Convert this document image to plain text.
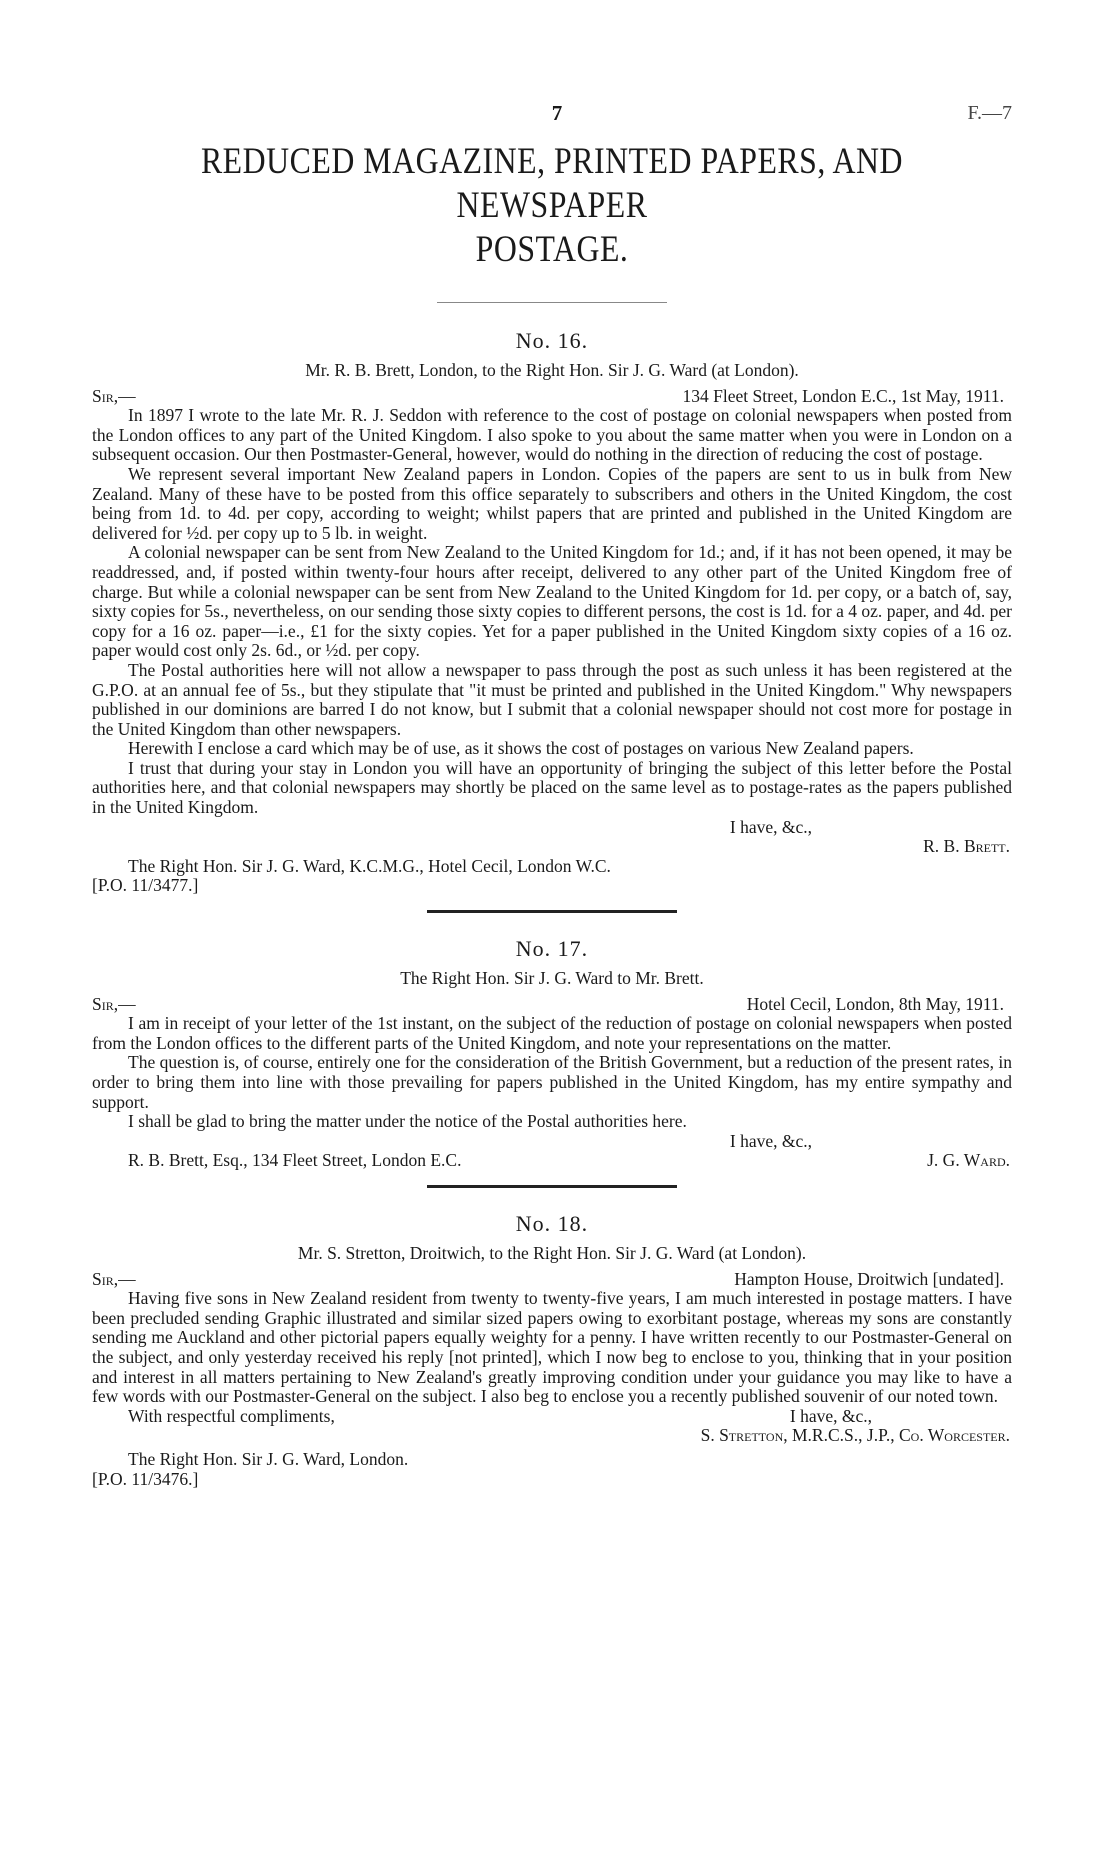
7	F.—7
REDUCED MAGAZINE, PRINTED PAPERS, AND NEWSPAPER
POSTAGE.
No. 16.
Mr. R. B. Brett, London, to the Right Hon. Sir J. G. Ward (at London).
Sir,—	134 Fleet Street, London E.C., 1st May, 1911.

In 1897 I wrote to the late Mr. R. J. Seddon with reference to the cost of postage on colonial newspapers when posted from the London offices to any part of the United Kingdom. I also spoke to you about the same matter when you were in London on a subsequent occasion. Our then Postmaster-General, however, would do nothing in the direction of reducing the cost of postage.

We represent several important New Zealand papers in London. Copies of the papers are sent to us in bulk from New Zealand. Many of these have to be posted from this office separately to subscribers and others in the United Kingdom, the cost being from 1d. to 4d. per copy, according to weight; whilst papers that are printed and published in the United Kingdom are delivered for ½d. per copy up to 5 lb. in weight.

A colonial newspaper can be sent from New Zealand to the United Kingdom for 1d.; and, if it has not been opened, it may be readdressed, and, if posted within twenty-four hours after receipt, delivered to any other part of the United Kingdom free of charge. But while a colonial newspaper can be sent from New Zealand to the United Kingdom for 1d. per copy, or a batch of, say, sixty copies for 5s., nevertheless, on our sending those sixty copies to different persons, the cost is 1d. for a 4 oz. paper, and 4d. per copy for a 16 oz. paper—i.e., £1 for the sixty copies. Yet for a paper published in the United Kingdom sixty copies of a 16 oz. paper would cost only 2s. 6d., or ½d. per copy.

The Postal authorities here will not allow a newspaper to pass through the post as such unless it has been registered at the G.P.O. at an annual fee of 5s., but they stipulate that "it must be printed and published in the United Kingdom." Why newspapers published in our dominions are barred I do not know, but I submit that a colonial newspaper should not cost more for postage in the United Kingdom than other newspapers.

Herewith I enclose a card which may be of use, as it shows the cost of postages on various New Zealand papers.

I trust that during your stay in London you will have an opportunity of bringing the subject of this letter before the Postal authorities here, and that colonial newspapers may shortly be placed on the same level as to postage-rates as the papers published in the United Kingdom.

I have, &c.,
R. B. Brett.
The Right Hon. Sir J. G. Ward, K.C.M.G., Hotel Cecil, London W.C.
[P.O. 11/3477.]
No. 17.
The Right Hon. Sir J. G. Ward to Mr. Brett.
Sir,—	Hotel Cecil, London, 8th May, 1911.

I am in receipt of your letter of the 1st instant, on the subject of the reduction of postage on colonial newspapers when posted from the London offices to the different parts of the United Kingdom, and note your representations on the matter.

The question is, of course, entirely one for the consideration of the British Government, but a reduction of the present rates, in order to bring them into line with those prevailing for papers published in the United Kingdom, has my entire sympathy and support.

I shall be glad to bring the matter under the notice of the Postal authorities here.

I have, &c.,
R. B. Brett, Esq., 134 Fleet Street, London E.C.	J. G. Ward.
No. 18.
Mr. S. Stretton, Droitwich, to the Right Hon. Sir J. G. Ward (at London).
Sir,—	Hampton House, Droitwich [undated].

Having five sons in New Zealand resident from twenty to twenty-five years, I am much interested in postage matters. I have been precluded sending Graphic illustrated and similar sized papers owing to exorbitant postage, whereas my sons are constantly sending me Auckland and other pictorial papers equally weighty for a penny. I have written recently to our Postmaster-General on the subject, and only yesterday received his reply [not printed], which I now beg to enclose to you, thinking that in your position and interest in all matters pertaining to New Zealand's greatly improving condition under your guidance you may like to have a few words with our Postmaster-General on the subject. I also beg to enclose you a recently published souvenir of our noted town.

With respectful compliments,	I have, &c.,
S. Stretton, M.R.C.S., J.P., Co. Worcester.
The Right Hon. Sir J. G. Ward, London.
[P.O. 11/3476.]
